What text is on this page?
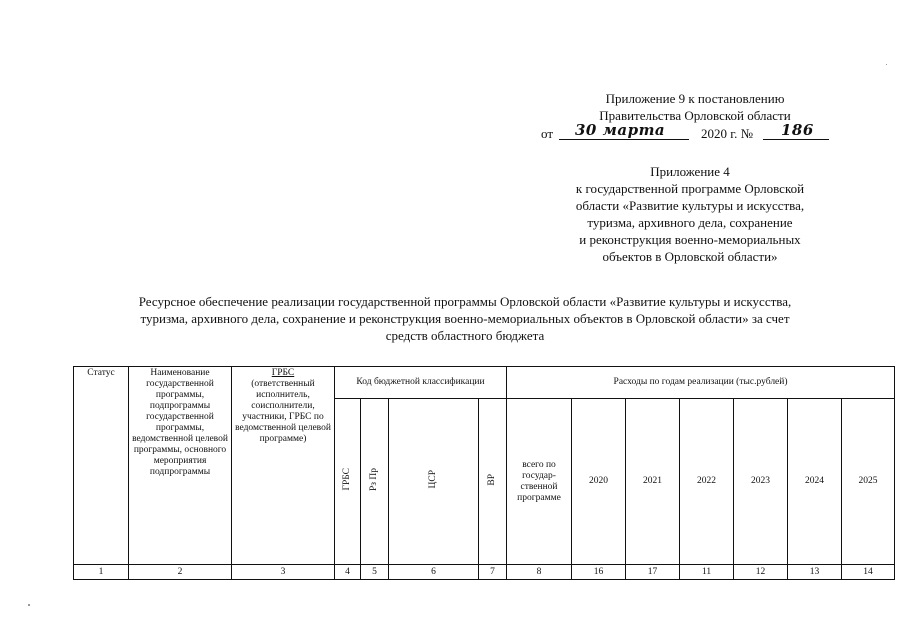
Приложение 9 к постановлению
Правительства Орловской области
от 30 марта	2020 г. № 186
Приложение 4
к государственной программе Орловской
области «Развитие культуры и искусства,
туризма, архивного дела, сохранение
и реконструкция военно-мемориальных
объектов в Орловской области»
Ресурсное обеспечение реализации государственной программы Орловской области «Развитие культуры и искусства,
туризма, архивного дела, сохранение и реконструкция военно-мемориальных объектов в Орловской области» за счет
средств областного бюджета
Статус	Наименование государственной программы, подпрограммы государственной программы, ведомственной целевой программы, основного мероприятия подпрограммы	ГРБС
(ответственный исполнитель, соисполнители, участники, ГРБС по ведомственной целевой программе)	Код бюджетной классификации				Расходы по годам реализации (тыс.рублей)						
			ГРБС	Рз Пр	ЦСР	ВР	всего по государ-ственной программе	2020	2021	2022	2023	2024	2025
1	2	3	4	5	6	7	8	16	17	11	12	13	14
